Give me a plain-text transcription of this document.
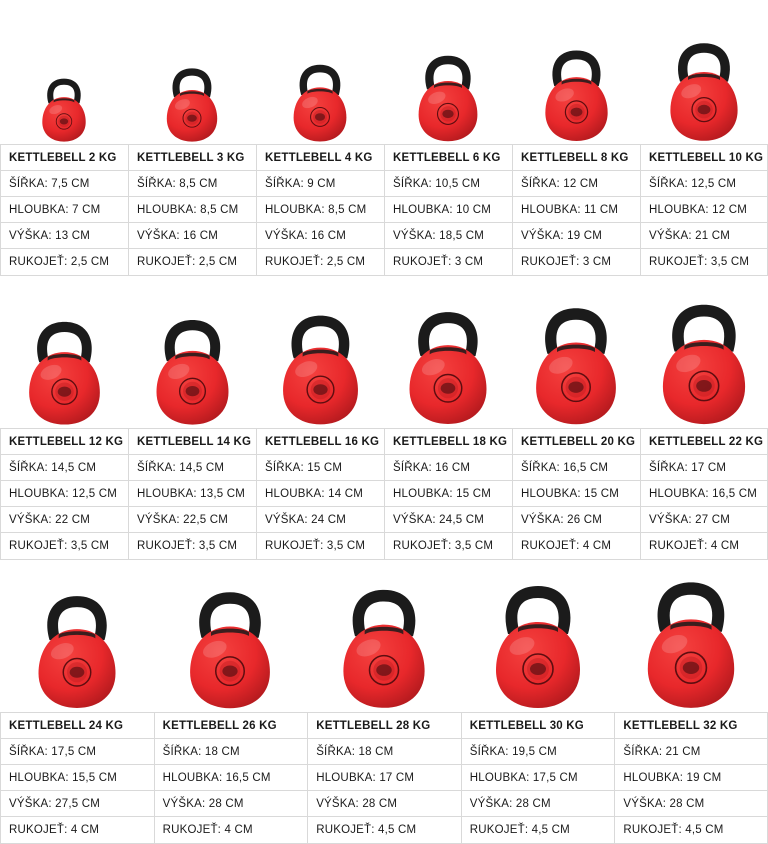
KETTLEBELL 2 KG
ŠÍŘKA: 7,5 CM
HLOUBKA: 7 CM
VÝŠKA: 13 CM
RUKOJEŤ: 2,5 CM
KETTLEBELL 3 KG
ŠÍŘKA: 8,5 CM
HLOUBKA: 8,5 CM
VÝŠKA: 16 CM
RUKOJEŤ: 2,5 CM
KETTLEBELL 4 KG
ŠÍŘKA: 9 CM
HLOUBKA: 8,5 CM
VÝŠKA: 16 CM
RUKOJEŤ: 2,5 CM
KETTLEBELL 6 KG
ŠÍŘKA: 10,5 CM
HLOUBKA: 10 CM
VÝŠKA: 18,5 CM
RUKOJEŤ: 3 CM
KETTLEBELL 8 KG
ŠÍŘKA: 12 CM
HLOUBKA: 11 CM
VÝŠKA: 19 CM
RUKOJEŤ: 3 CM
KETTLEBELL 10 KG
ŠÍŘKA: 12,5 CM
HLOUBKA: 12 CM
VÝŠKA: 21 CM
RUKOJEŤ: 3,5 CM
KETTLEBELL 12 KG
ŠÍŘKA: 14,5 CM
HLOUBKA: 12,5 CM
VÝŠKA: 22 CM
RUKOJEŤ: 3,5 CM
KETTLEBELL 14 KG
ŠÍŘKA: 14,5 CM
HLOUBKA: 13,5 CM
VÝŠKA: 22,5 CM
RUKOJEŤ: 3,5 CM
KETTLEBELL 16 KG
ŠÍŘKA: 15 CM
HLOUBKA: 14 CM
VÝŠKA: 24 CM
RUKOJEŤ: 3,5 CM
KETTLEBELL 18 KG
ŠÍŘKA: 16 CM
HLOUBKA: 15 CM
VÝŠKA: 24,5 CM
RUKOJEŤ: 3,5 CM
KETTLEBELL 20 KG
ŠÍŘKA: 16,5 CM
HLOUBKA: 15 CM
VÝŠKA: 26 CM
RUKOJEŤ: 4 CM
KETTLEBELL 22 KG
ŠÍŘKA: 17 CM
HLOUBKA: 16,5 CM
VÝŠKA: 27 CM
RUKOJEŤ: 4 CM
KETTLEBELL 24 KG
ŠÍŘKA: 17,5 CM
HLOUBKA: 15,5 CM
VÝŠKA: 27,5 CM
RUKOJEŤ: 4 CM
KETTLEBELL 26 KG
ŠÍŘKA: 18 CM
HLOUBKA: 16,5 CM
VÝŠKA: 28 CM
RUKOJEŤ: 4 CM
KETTLEBELL 28 KG
ŠÍŘKA: 18 CM
HLOUBKA: 17 CM
VÝŠKA: 28 CM
RUKOJEŤ: 4,5 CM
KETTLEBELL 30 KG
ŠÍŘKA: 19,5 CM
HLOUBKA: 17,5 CM
VÝŠKA: 28 CM
RUKOJEŤ: 4,5 CM
KETTLEBELL 32 KG
ŠÍŘKA: 21 CM
HLOUBKA: 19 CM
VÝŠKA: 28 CM
RUKOJEŤ: 4,5 CM
